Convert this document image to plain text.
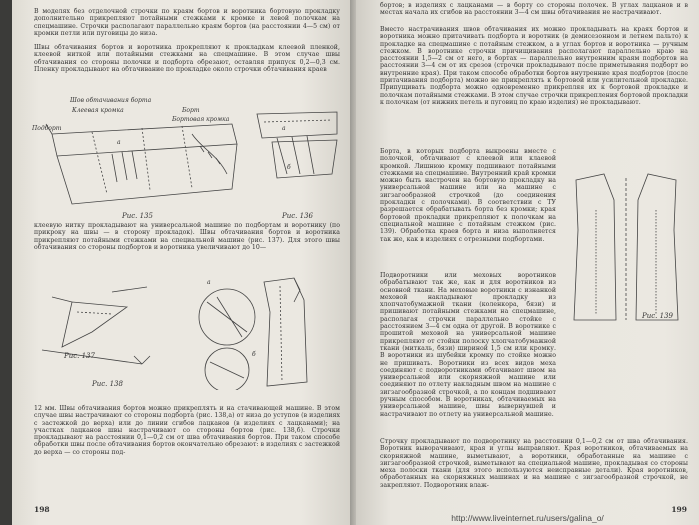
В моделях без отделочной строчки по краям бортов и воротника бортовую прокладку дополнительно прикрепляют потайными стежками к кромке и левой полочкам на спецмашине. Строчки располагают параллельно краям бортов (на расстоянии 4—5 см) от кромки петли или пуговицы до низа.

Швы обтачивания бортов и воротника прокрепляют к прокладкам клеевой пленкой, клеевой ниткой или потайными стежками на спецмашине. В этом случае швы обтачивания со стороны полочки и подборта обрезают, оставляя припуск 0,2—0,3 см. Пленку прокладывают на обтачивание по прокладке около строчки обтачивания краев

Шов обтачивания борта
Клеевая кромка	Борт
Бортовая кромка
Подборт
а
а
б
Рис. 135	Рис. 136

клеевую нитку прокладывают на универсальной машине по подбортам и воротнику (по прикроку на швы — в сторону прокладок). Швы обтачивания бортов и воротника прикрепляют потайными стежками на специальной машине (рис. 137). Для этого швы обтачивания со стороны подбортов и воротника увеличивают до 10—

а
б
Рис. 137
Рис. 138

12 мм. Швы обтачивания бортов можно прикреплять и на стачивающей машине. В этом случае швы настрачивают со стороны подборта (рис. 138,а) от низа до уступов (в изделиях с застежкой до верха) или до линии сгибов лацканов (в изделиях с лацканами); на участках лацканов швы настрачивают со стороны бортов (рис. 138,б). Строчки прокладывают на расстоянии 0,1—0,2 см от шва обтачивания бортов. При таком способе обработки швы после обтачивания бортов окончательно обрезают: в изделиях с застежкой до верха — со стороны под-

198

бортов; в изделиях с лацканами — в борту со стороны полочек. В углах лацканов и в местах начала их сгибов на расстоянии 3—4 см швы обтачивания не настрачивают.

Вместо настрачивания швов обтачивания их можно прокладывать на краях бортов и воротника можно притачивать подборта и воротник (в демисезонном и летнем пальто) к прокладке на спецмашине с потайным стежком, а в углах бортов и воротника — ручным стежком. В воротнике строчки причищивания располагают параллельно краю на расстоянии 1,5—2 см от него, в бортах — параллельно внутренним краям подбортов на расстоянии 3—4 см от их срезов (строчки прокладывают после приметывания подборт во внутренние края). При таком способе обработки бортов внутренние края подбортов (после притачивания подборта) можно не прикреплять к бортовой или усилительной прокладке. Припущивать подборта можно одновременно прикрепляя их к бортовой прокладке и полочкам потайными стежками. В этом случае строчки прикрепления бортовой прокладки к полочкам (от нижних петель и пуговиц по краю изделия) не прокладывают.

Борта, в которых подборта выкроены вместе с полочкой, обтачивают с клеевой или клаевой кромкой. Лишнюю кромку подшивают потайными стежками на спецмашине. Внутренний край кромки можно быть настрочен на бортовую прокладку на универсальной машине или на машине с зигзагообразной строчкой (до соединения прокладки с полочками). В соответствии с ТУ разрешается обрабатывать борта без кромки; края бортовой прокладки прикрепляют к полочкам на специальной машине с потайным стежком (рис. 139). Обработка краев борта и низа выполняется так же, как в изделиях с отрезными подбортами.

Рис. 139

Подворотники или меховых воротников обрабатывают так же, как и для воротников из основной ткани. На меховые воротники с изнанкой меховой накладывают прокладку из хлопчатобумажной ткани (коленкора, бязи) и пришивают потайными стежками на спецмашине, располагая строчки параллельно стойке с расстоянием 3—4 см одна от другой. В воротнике с прошитой меховой на универсальной машине прикрепляют от стойки полоску хлопчатобумажной ткани (миткаль, бязи) шириной 1,5 см или кромку. В воротники из шубейки кромку по стойке можно не пришивать. Воротники из всех видов меха соединяют с подворотниками обтачивают швом на универсальной или скорняжной машине или соединяют по отлету накладным швом на машине с зигзагообразной строчкой, а по концам подшивают ручным способом. В воротниках, обтачиваемых на универсальной машине, швы вывернувшей и настрачивают по отлету на универсальной машине.

Строчку прокладывают по подворотнику на расстоянии 0,1—0,2 см от шва обтачивания. Воротник выворачивают, края и углы выправляют. Края воротников, обтачиваемых на скорняжной машине, выметывают, а воротники, обработанные на машине с зигзагообразной строчкой, выметывают на специальной машине, прокладывая со стороны меха полоски ткани (для этого используются неисправные детали). Края воротников, обработанных на скорняжных машинах и на машине с зигзагообразной строчкой, не закрепляют. Подворотник влаж-

199
http://www.liveinternet.ru/users/galina_o/
